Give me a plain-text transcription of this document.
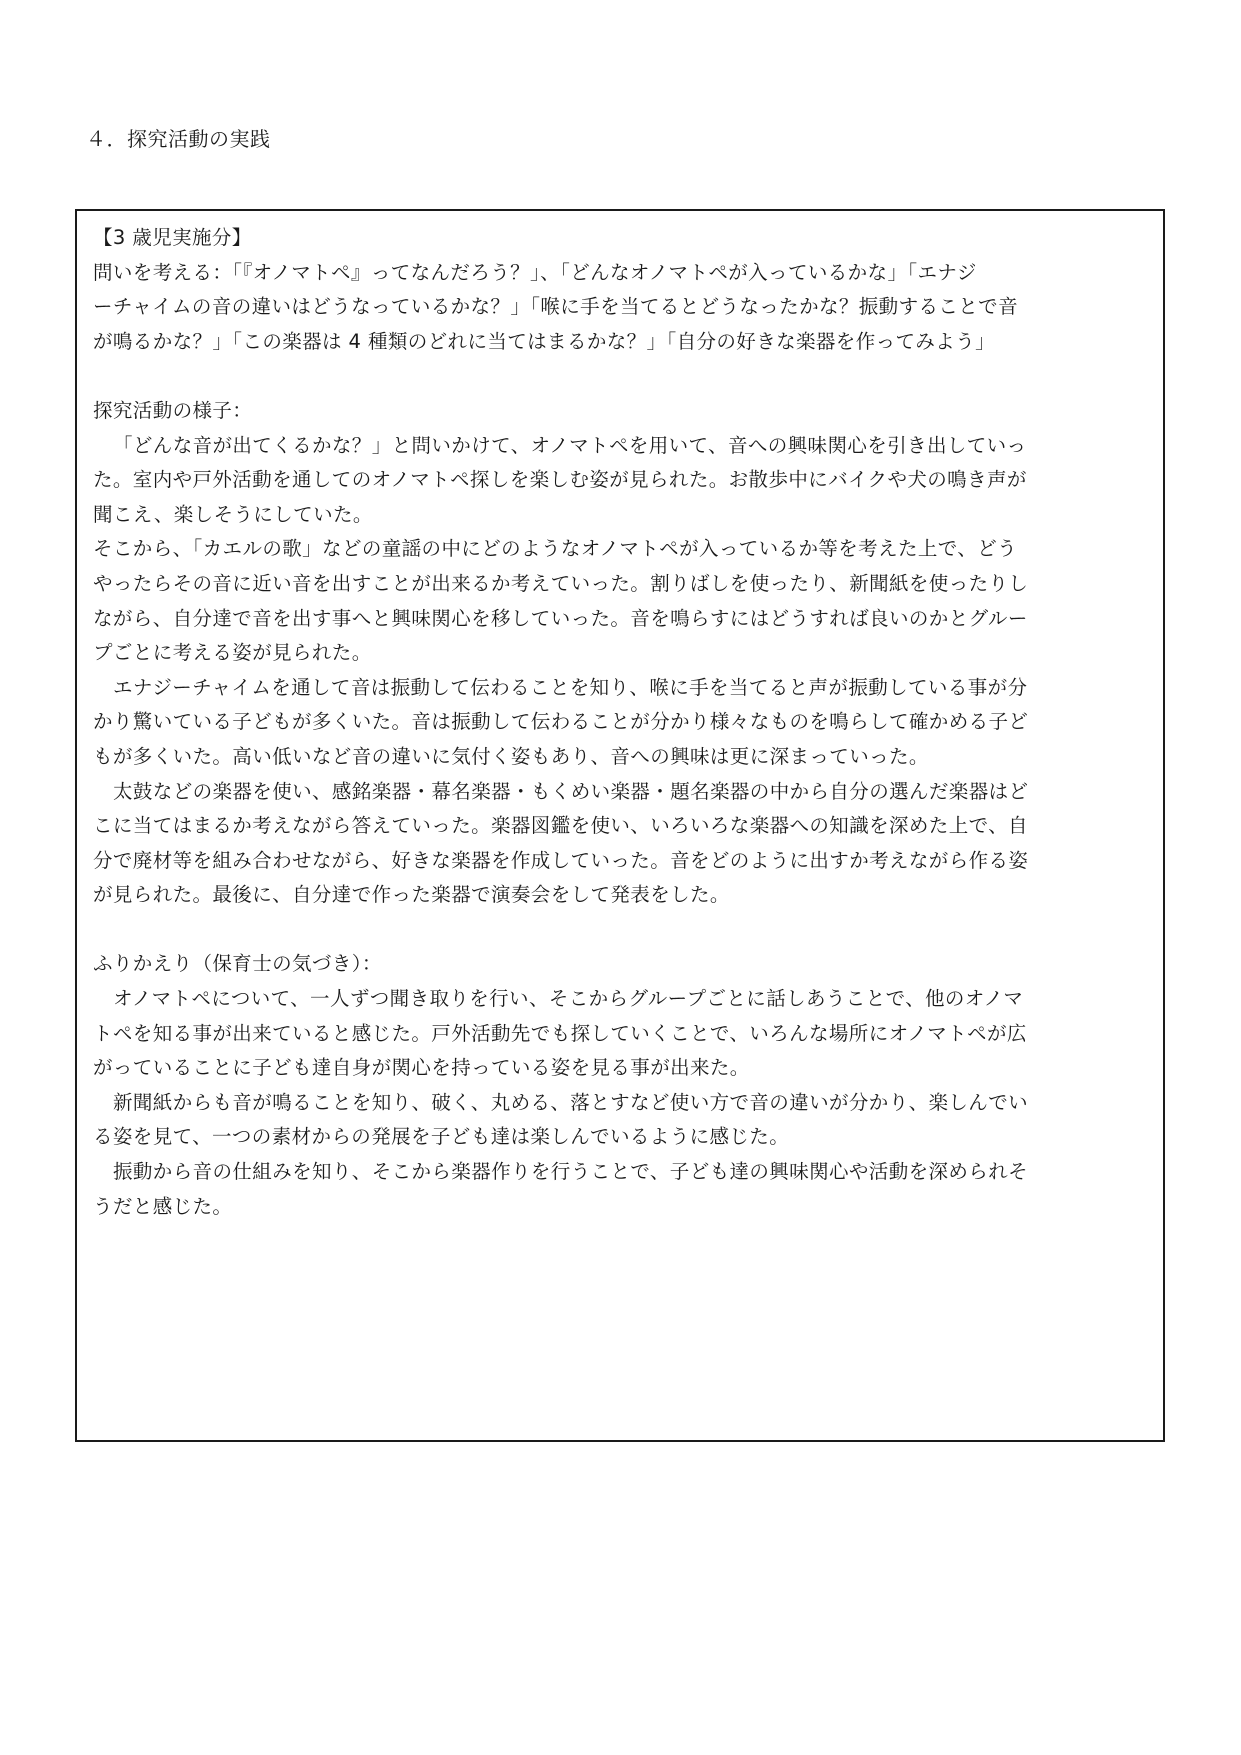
４．探究活動の実践
【3 歳児実施分】
問いを考える：「『オノマトペ』ってなんだろう？」、「どんなオノマトペが入っているかな」「エナジ
ーチャイムの音の違いはどうなっているかな？」「喉に手を当てるとどうなったかな？振動することで音
が鳴るかな？」「この楽器は 4 種類のどれに当てはまるかな？」「自分の好きな楽器を作ってみよう」
探究活動の様子：
「どんな音が出てくるかな？」と問いかけて、オノマトペを用いて、音への興味関心を引き出していっ
た。室内や戸外活動を通してのオノマトペ探しを楽しむ姿が見られた。お散歩中にバイクや犬の鳴き声が
聞こえ、楽しそうにしていた。
そこから、「カエルの歌」などの童謡の中にどのようなオノマトペが入っているか等を考えた上で、どう
やったらその音に近い音を出すことが出来るか考えていった。割りばしを使ったり、新聞紙を使ったりし
ながら、自分達で音を出す事へと興味関心を移していった。音を鳴らすにはどうすれば良いのかとグルー
プごとに考える姿が見られた。
エナジーチャイムを通して音は振動して伝わることを知り、喉に手を当てると声が振動している事が分
かり驚いている子どもが多くいた。音は振動して伝わることが分かり様々なものを鳴らして確かめる子ど
もが多くいた。高い低いなど音の違いに気付く姿もあり、音への興味は更に深まっていった。
太鼓などの楽器を使い、感銘楽器・幕名楽器・もくめい楽器・題名楽器の中から自分の選んだ楽器はど
こに当てはまるか考えながら答えていった。楽器図鑑を使い、いろいろな楽器への知識を深めた上で、自
分で廃材等を組み合わせながら、好きな楽器を作成していった。音をどのように出すか考えながら作る姿
が見られた。最後に、自分達で作った楽器で演奏会をして発表をした。
ふりかえり（保育士の気づき）：
オノマトペについて、一人ずつ聞き取りを行い、そこからグループごとに話しあうことで、他のオノマ
トペを知る事が出来ていると感じた。戸外活動先でも探していくことで、いろんな場所にオノマトペが広
がっていることに子ども達自身が関心を持っている姿を見る事が出来た。
新聞紙からも音が鳴ることを知り、破く、丸める、落とすなど使い方で音の違いが分かり、楽しんでい
る姿を見て、一つの素材からの発展を子ども達は楽しんでいるように感じた。
振動から音の仕組みを知り、そこから楽器作りを行うことで、子ども達の興味関心や活動を深められそ
うだと感じた。
